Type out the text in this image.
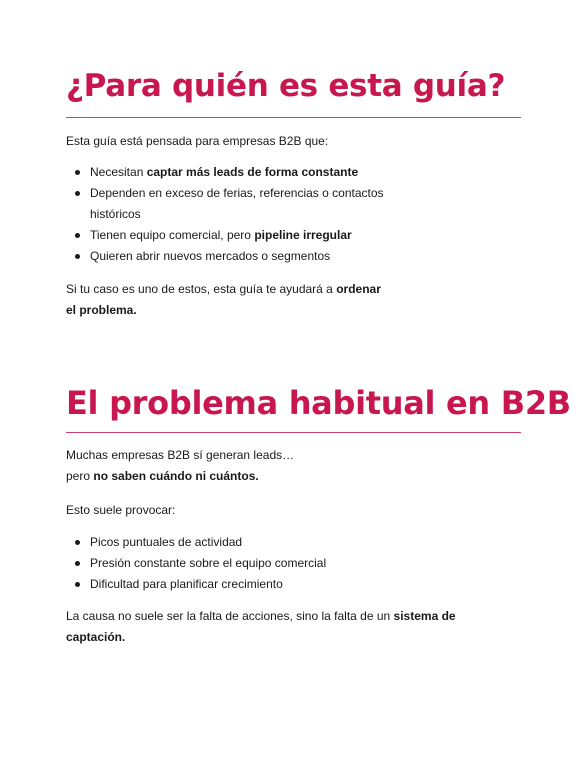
¿Para quién es esta guía?

Esta guía está pensada para empresas B2B que:

Necesitan captar más leads de forma constante
Dependen en exceso de ferias, referencias o contactos
históricos
Tienen equipo comercial, pero pipeline irregular
Quieren abrir nuevos mercados o segmentos

Si tu caso es uno de estos, esta guía te ayudará a ordenar
el problema.

El problema habitual en B2B

Muchas empresas B2B sí generan leads…
pero no saben cuándo ni cuántos.

Esto suele provocar:

Picos puntuales de actividad
Presión constante sobre el equipo comercial
Dificultad para planificar crecimiento

La causa no suele ser la falta de acciones, sino la falta de un sistema de
captación.
